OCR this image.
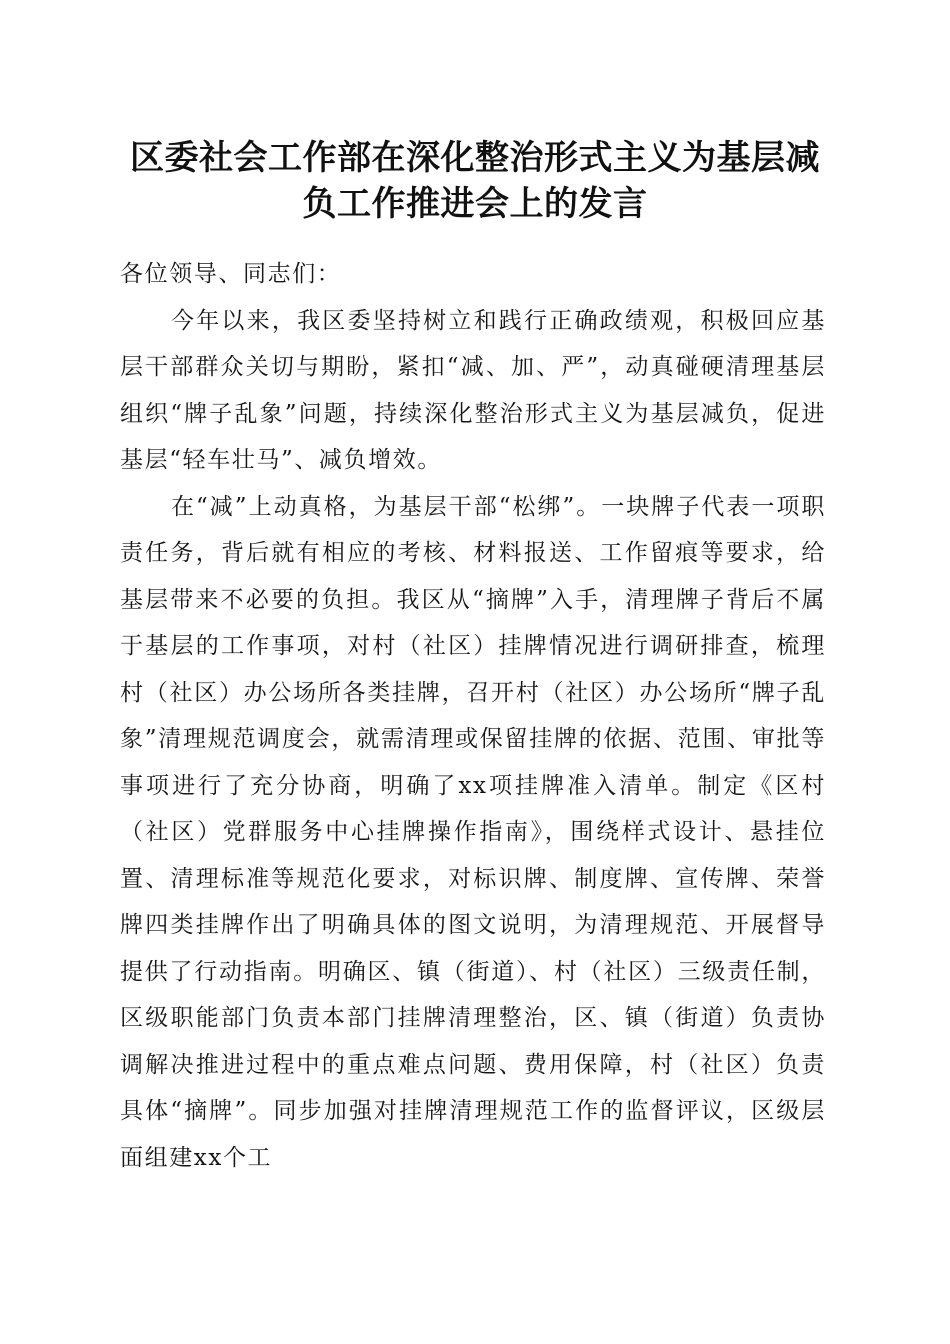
区委社会工作部在深化整治形式主义为基层减
负工作推进会上的发言

各位领导、同志们：

今年以来，我区委坚持树立和践行正确政绩观，积极回应基层干部群众关切与期盼，紧扣“减、加、严”，动真碰硬清理基层组织“牌子乱象”问题，持续深化整治形式主义为基层减负，促进基层“轻车壮马”、减负增效。

在“减”上动真格，为基层干部“松绑”。一块牌子代表一项职责任务，背后就有相应的考核、材料报送、工作留痕等要求，给基层带来不必要的负担。我区从“摘牌”入手，清理牌子背后不属于基层的工作事项，对村（社区）挂牌情况进行调研排查，梳理村（社区）办公场所各类挂牌，召开村（社区）办公场所“牌子乱象”清理规范调度会，就需清理或保留挂牌的依据、范围、审批等事项进行了充分协商，明确了xx项挂牌准入清单。制定《区村（社区）党群服务中心挂牌操作指南》，围绕样式设计、悬挂位置、清理标准等规范化要求，对标识牌、制度牌、宣传牌、荣誉牌四类挂牌作出了明确具体的图文说明，为清理规范、开展督导提供了行动指南。明确区、镇（街道）、村（社区）三级责任制，区级职能部门负责本部门挂牌清理整治，区、镇（街道）负责协调解决推进过程中的重点难点问题、费用保障，村（社区）负责具体“摘牌”。同步加强对挂牌清理规范工作的监督评议，区级层面组建xx个工
